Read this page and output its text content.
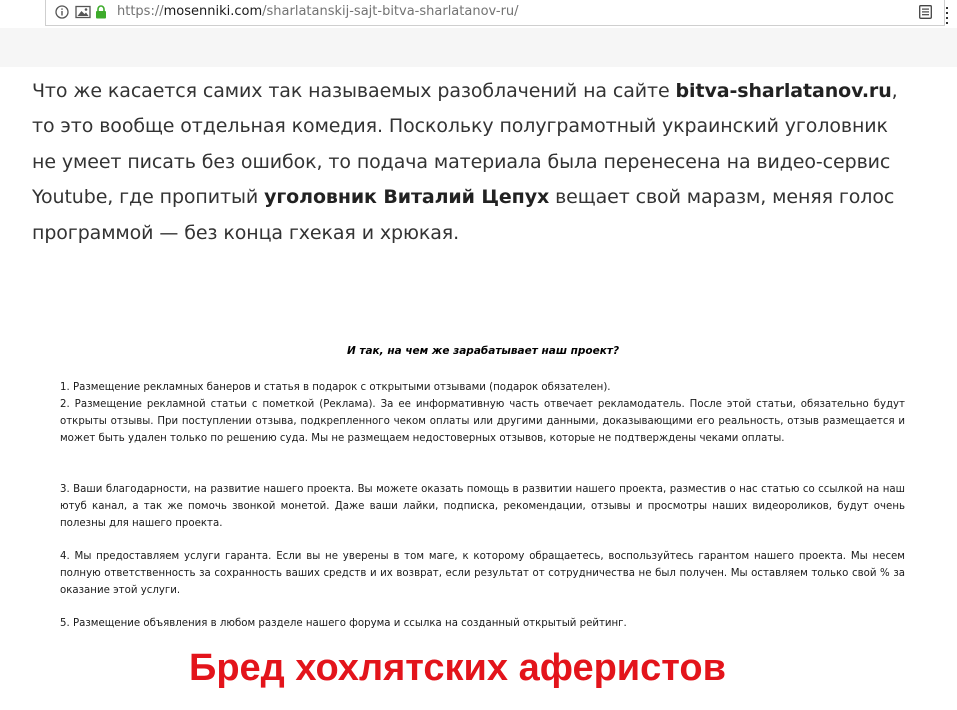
https://mosenniki.com/sharlatanskij-sajt-bitva-sharlatanov-ru/

Что же касается самих так называемых разоблачений на сайте bitva-sharlatanov.ru, то это вообще отдельная комедия. Поскольку полуграмотный украинский уголовник не умеет писать без ошибок, то подача материала была перенесена на видео-сервис Youtube, где пропитый уголовник Виталий Цепух вещает свой маразм, меняя голос программой — без конца гхекая и хрюкая.

И так, на чем же зарабатывает наш проект?

1. Размещение рекламных банеров и статья в подарок с открытыми отзывами (подарок обязателен).
2. Размещение рекламной статьи с пометкой (Реклама). За ее информативную часть отвечает рекламодатель. После этой статьи, обязательно будут открыты отзывы. При поступлении отзыва, подкрепленного чеком оплаты или другими данными, доказывающими его реальность, отзыв размещается и может быть удален только по решению суда. Мы не размещаем недостоверных отзывов, которые не подтверждены чеками оплаты.

3. Ваши благодарности, на развитие нашего проекта. Вы можете оказать помощь в развитии нашего проекта, разместив о нас статью со ссылкой на наш ютуб канал, а так же помочь звонкой монетой. Даже ваши лайки, подписка, рекомендации, отзывы и просмотры наших видеороликов, будут очень полезны для нашего проекта.

4. Мы предоставляем услуги гаранта. Если вы не уверены в том маге, к которому обращаетесь, воспользуйтесь гарантом нашего проекта. Мы несем полную ответственность за сохранность ваших средств и их возврат, если результат от сотрудничества не был получен. Мы оставляем только свой % за оказание этой услуги.

5. Размещение объявления в любом разделе нашего форума и ссылка на созданный открытый рейтинг.

Бред хохлятских аферистов
